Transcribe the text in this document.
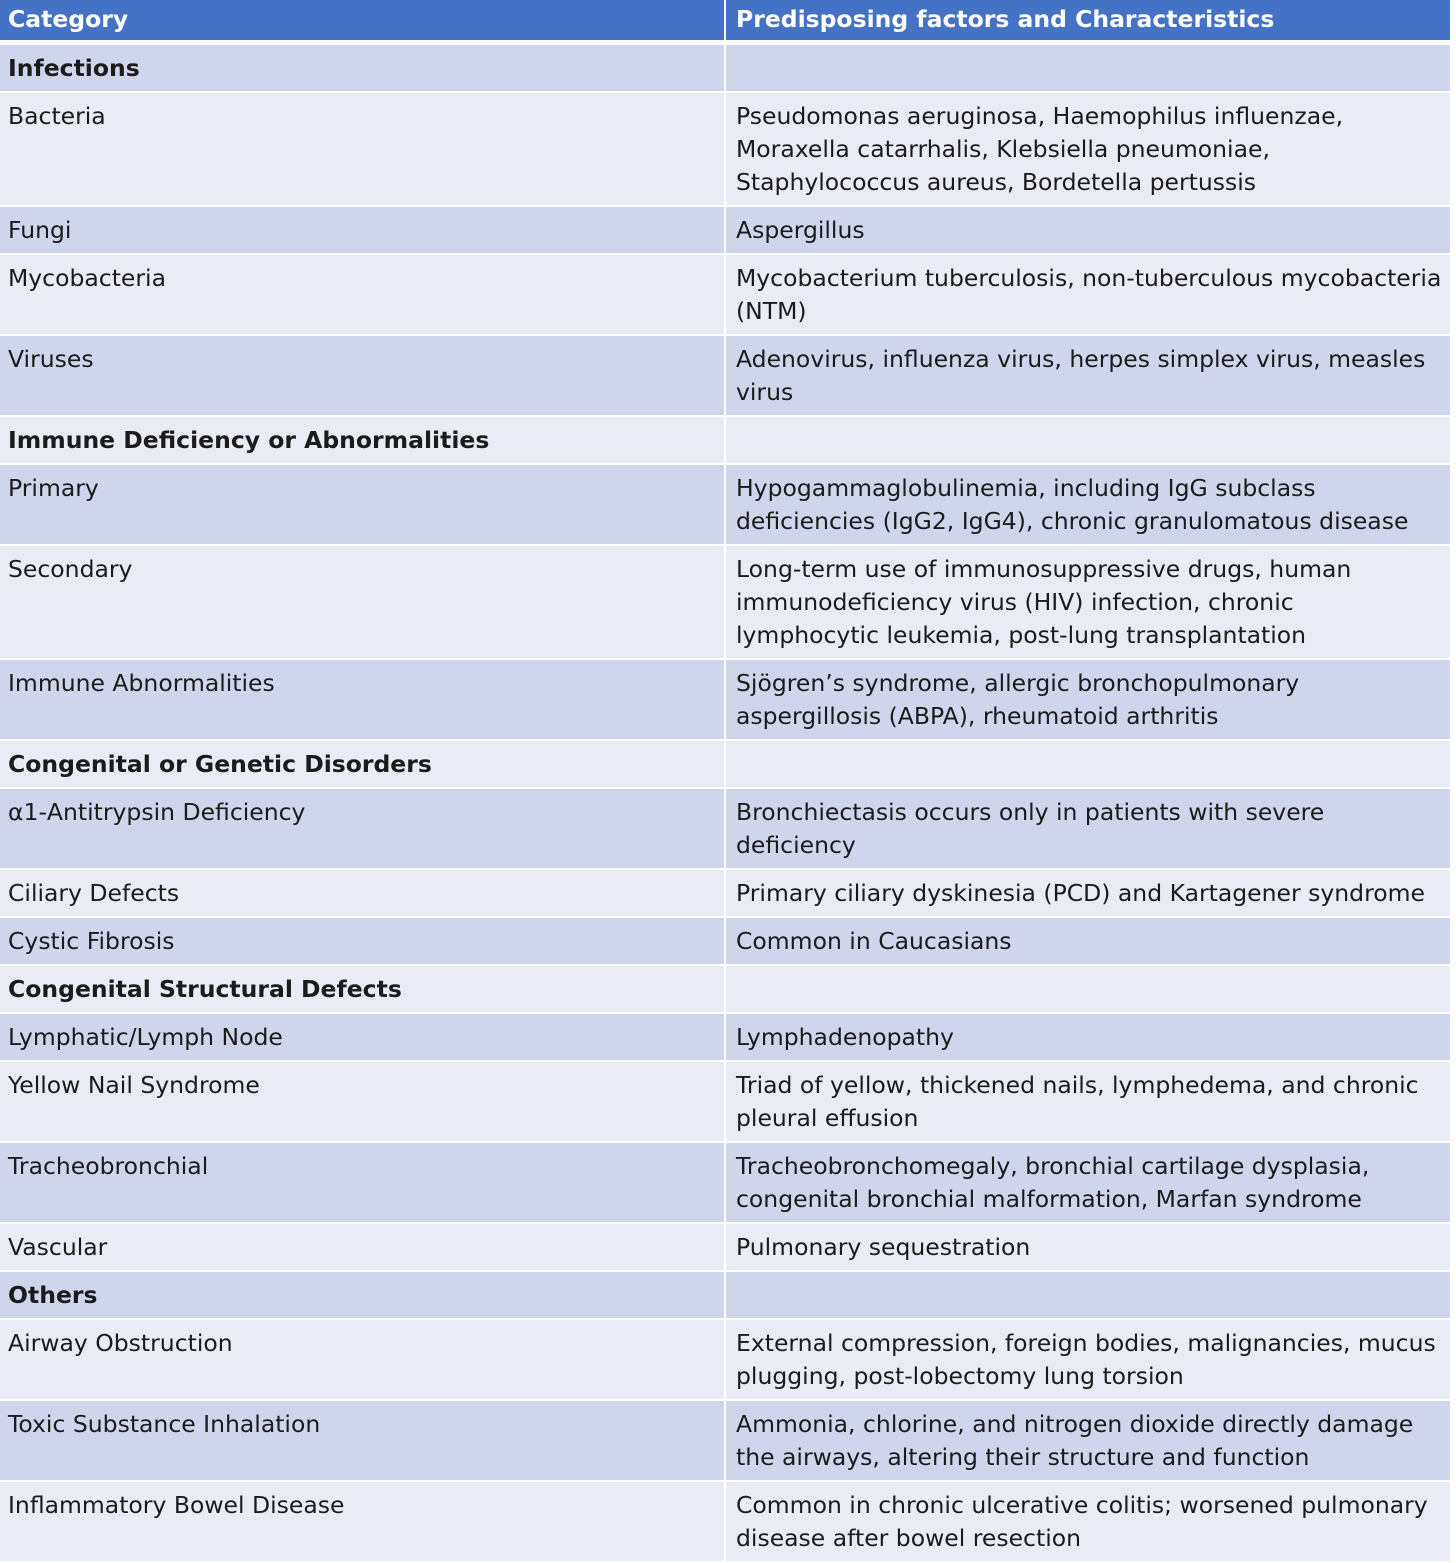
Category	Predisposing factors and Characteristics
Infections	
Bacteria	Pseudomonas aeruginosa, Haemophilus influenzae, Moraxella catarrhalis, Klebsiella pneumoniae, Staphylococcus aureus, Bordetella pertussis
Fungi	Aspergillus
Mycobacteria	Mycobacterium tuberculosis, non-tuberculous mycobacteria (NTM)
Viruses	Adenovirus, influenza virus, herpes simplex virus, measles virus
Immune Deficiency or Abnormalities	
Primary	Hypogammaglobulinemia, including IgG subclass deficiencies (IgG2, IgG4), chronic granulomatous disease
Secondary	Long-term use of immunosuppressive drugs, human immunodeficiency virus (HIV) infection, chronic lymphocytic leukemia, post-lung transplantation
Immune Abnormalities	Sjögren’s syndrome, allergic bronchopulmonary aspergillosis (ABPA), rheumatoid arthritis
Congenital or Genetic Disorders	
α1-Antitrypsin Deficiency	Bronchiectasis occurs only in patients with severe deficiency
Ciliary Defects	Primary ciliary dyskinesia (PCD) and Kartagener syndrome
Cystic Fibrosis	Common in Caucasians
Congenital Structural Defects	
Lymphatic/Lymph Node	Lymphadenopathy
Yellow Nail Syndrome	Triad of yellow, thickened nails, lymphedema, and chronic pleural effusion
Tracheobronchial	Tracheobronchomegaly, bronchial cartilage dysplasia, congenital bronchial malformation, Marfan syndrome
Vascular	Pulmonary sequestration
Others	
Airway Obstruction	External compression, foreign bodies, malignancies, mucus plugging, post-lobectomy lung torsion
Toxic Substance Inhalation	Ammonia, chlorine, and nitrogen dioxide directly damage the airways, altering their structure and function
Inflammatory Bowel Disease	Common in chronic ulcerative colitis; worsened pulmonary disease after bowel resection
